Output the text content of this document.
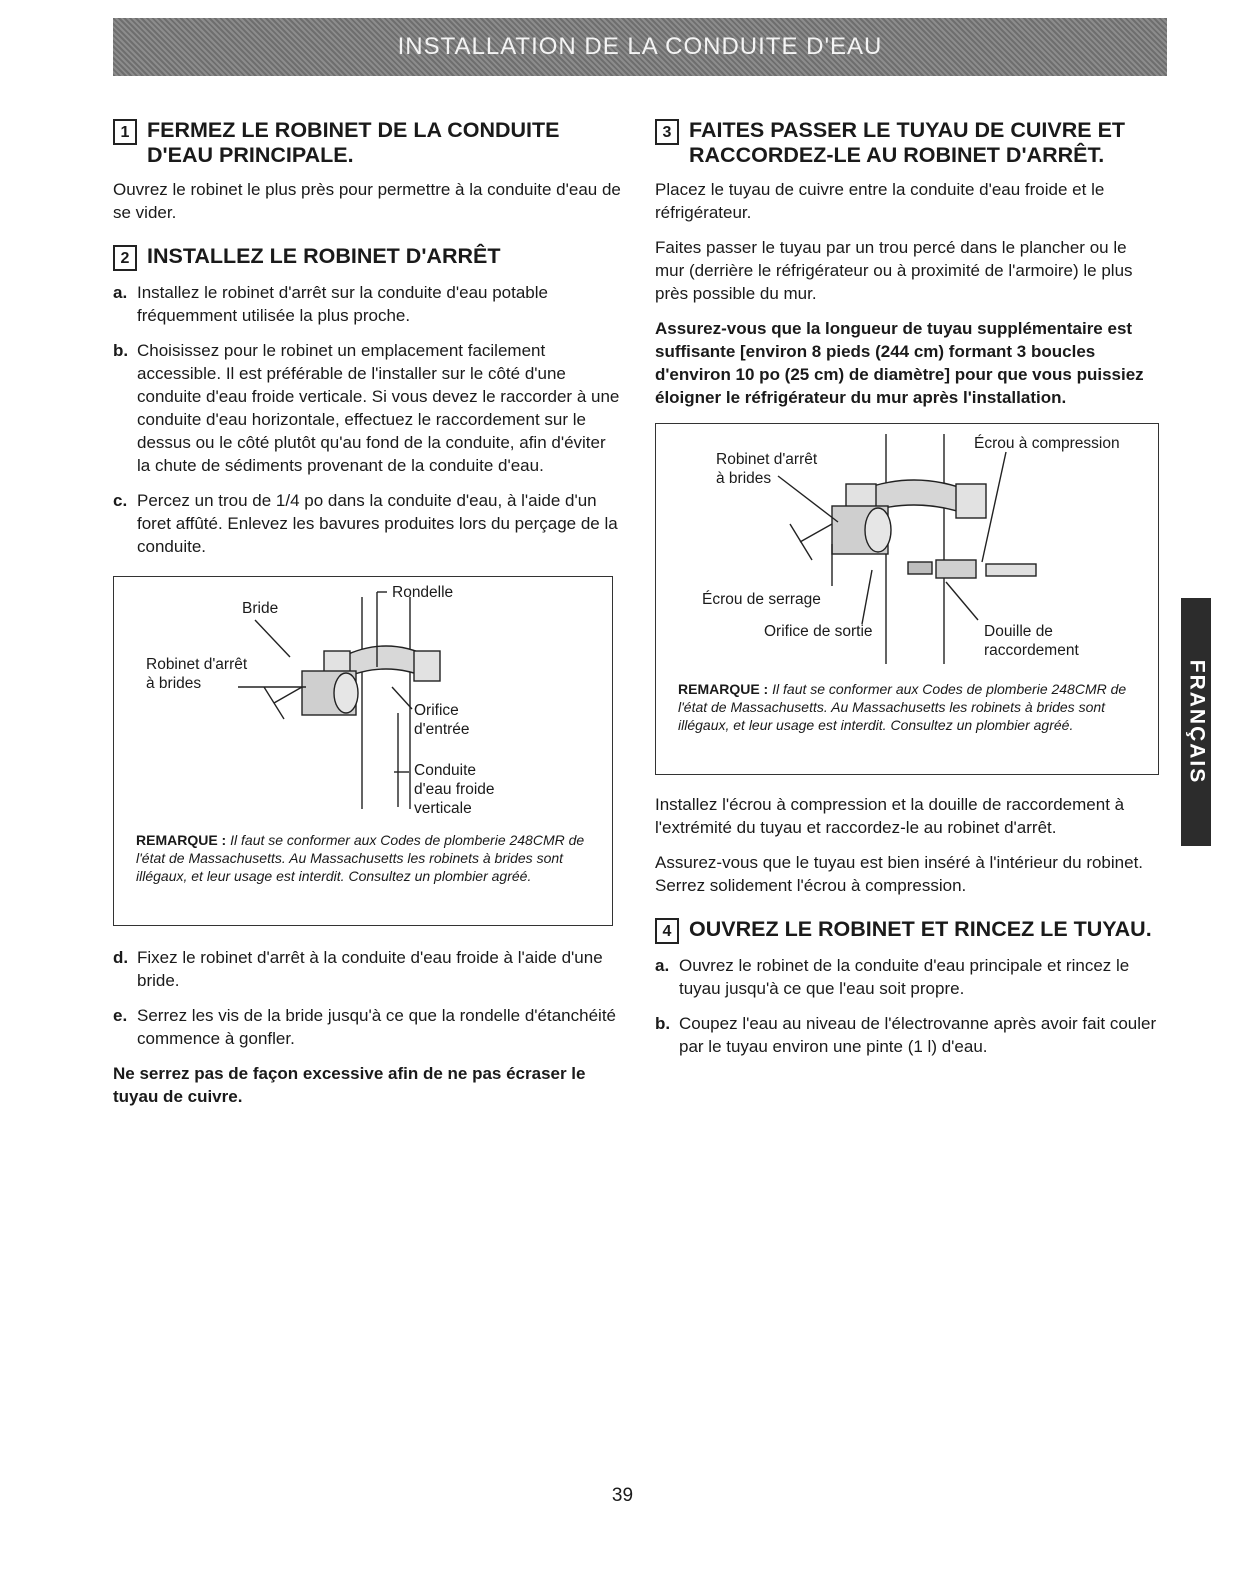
INSTALLATION DE LA CONDUITE D'EAU
1 FERMEZ LE ROBINET DE LA CONDUITE D'EAU PRINCIPALE.

Ouvrez le robinet le plus près pour permettre à la conduite d'eau de se vider.

2 INSTALLEZ LE ROBINET D'ARRÊT
a. Installez le robinet d'arrêt sur la conduite d'eau potable fréquemment utilisée la plus proche.
b. Choisissez pour le robinet un emplacement facilement accessible. Il est préférable de l'installer sur le côté d'une conduite d'eau froide verticale. Si vous devez le raccorder à une conduite d'eau horizontale, effectuez le raccordement sur le dessus ou le côté plutôt qu'au fond de la conduite, afin d'éviter la chute de sédiments provenant de la conduite d'eau.
c. Percez un trou de 1/4 po dans la conduite d'eau, à l'aide d'un foret affûté. Enlevez les bavures produites lors du perçage de la conduite.
Bride
Rondelle
Robinet d'arrêt
à brides
Orifice
d'entrée
Conduite
d'eau froide
verticale
REMARQUE : Il faut se conformer aux Codes de plomberie 248CMR de l'état de Massachusetts. Au Massachusetts les robinets à brides sont illégaux, et leur usage est interdit. Consultez un plombier agréé.
d. Fixez le robinet d'arrêt à la conduite d'eau froide à l'aide d'une bride.
e. Serrez les vis de la bride jusqu'à ce que la rondelle d'étanchéité commence à gonfler.

Ne serrez pas de façon excessive afin de ne pas écraser le tuyau de cuivre.

3 FAITES PASSER LE TUYAU DE CUIVRE ET RACCORDEZ-LE AU ROBINET D'ARRÊT.

Placez le tuyau de cuivre entre la conduite d'eau froide et le réfrigérateur.

Faites passer le tuyau par un trou percé dans le plancher ou le mur (derrière le réfrigérateur ou à proximité de l'armoire) le plus près possible du mur.

Assurez-vous que la longueur de tuyau supplémentaire est suffisante [environ 8 pieds (244 cm) formant 3 boucles d'environ 10 po (25 cm) de diamètre] pour que vous puissiez éloigner le réfrigérateur du mur après l'installation.

Robinet d'arrêt
à brides
Écrou à compression
Écrou de serrage
Orifice de sortie	Douille de
raccordement
REMARQUE : Il faut se conformer aux Codes de plomberie 248CMR de l'état de Massachusetts. Au Massachusetts les robinets à brides sont illégaux, et leur usage est interdit. Consultez un plombier agréé.

Installez l'écrou à compression et la douille de raccordement à l'extrémité du tuyau et raccordez-le au robinet d'arrêt.

Assurez-vous que le tuyau est bien inséré à l'intérieur du robinet. Serrez solidement l'écrou à compression.

4 OUVREZ LE ROBINET ET RINCEZ LE TUYAU.
a. Ouvrez le robinet de la conduite d'eau principale et rincez le tuyau jusqu'à ce que l'eau soit propre.
b. Coupez l'eau au niveau de l'électrovanne après avoir fait couler par le tuyau environ une pinte (1 l) d'eau.
FRANÇAIS
39
